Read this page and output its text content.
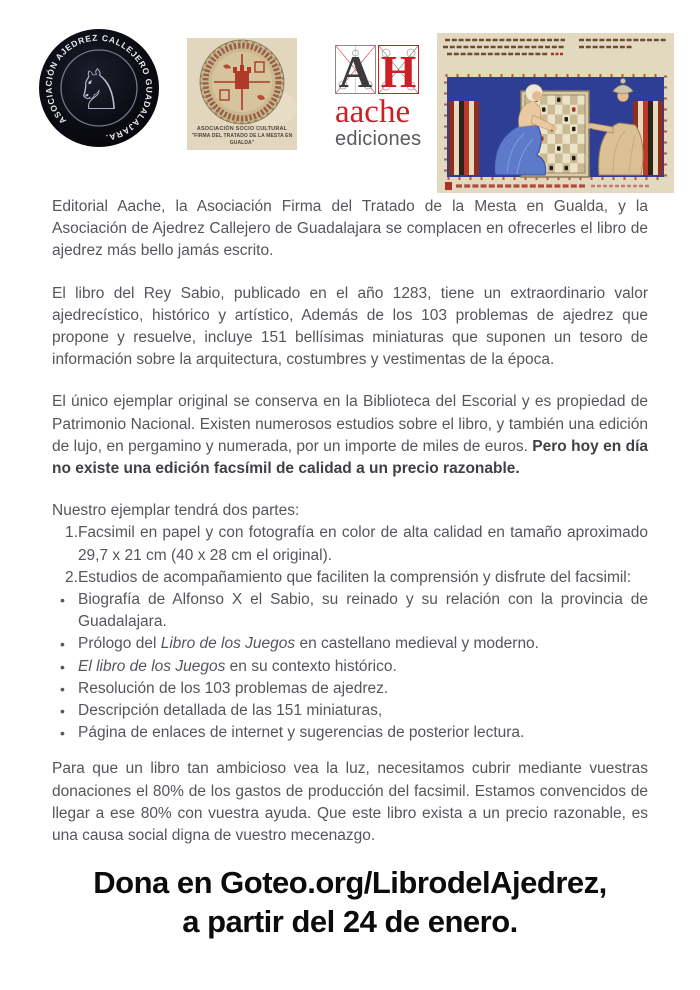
ASOCIACIÓN AJEDREZ CALLEJERO GUADALAJARA.
♘
ASOCIACIÓN SOCIO CULTURAL
"FIRMA DEL TRATADO DE LA MESTA EN GUALDA"
A H
aache
ediciones

Editorial Aache, la Asociación Firma del Tratado de la Mesta en Gualda, y la Asociación de Ajedrez Callejero de Guadalajara se complacen en ofrecerles el libro de ajedrez más bello jamás escrito.

El libro del Rey Sabio, publicado en el año 1283, tiene un extraordinario valor ajedrecístico, histórico y artístico, Además de los 103 problemas de ajedrez que propone y resuelve, incluye 151 bellísimas miniaturas que suponen un tesoro de información sobre la arquitectura, costumbres y vestimentas de la época.

El único ejemplar original se conserva en la Biblioteca del Escorial y es propiedad de Patrimonio Nacional. Existen numerosos estudios sobre el libro, y también una edición de lujo, en pergamino y numerada, por un importe de miles de euros. Pero hoy en día no existe una edición facsímil de calidad a un precio razonable.

Nuestro ejemplar tendrá dos partes:

1. Facsimil en papel y con fotografía en color de alta calidad en tamaño aproximado 29,7 x 21 cm (40 x 28 cm el original).
2. Estudios de acompañamiento que faciliten la comprensión y disfrute del facsimil:
• Biografía de Alfonso X el Sabio, su reinado y su relación con la provincia de Guadalajara.
• Prólogo del Libro de los Juegos en castellano medieval y moderno.
• El libro de los Juegos en su contexto histórico.
• Resolución de los 103 problemas de ajedrez.
• Descripción detallada de las 151 miniaturas,
• Página de enlaces de internet y sugerencias de posterior lectura.

Para que un libro tan ambicioso vea la luz, necesitamos cubrir mediante vuestras donaciones el 80% de los gastos de producción del facsimil. Estamos convencidos de llegar a ese 80% con vuestra ayuda. Que este libro exista a un precio razonable, es una causa social digna de vuestro mecenazgo.

Dona en Goteo.org/LibrodelAjedrez,
a partir del 24 de enero.
